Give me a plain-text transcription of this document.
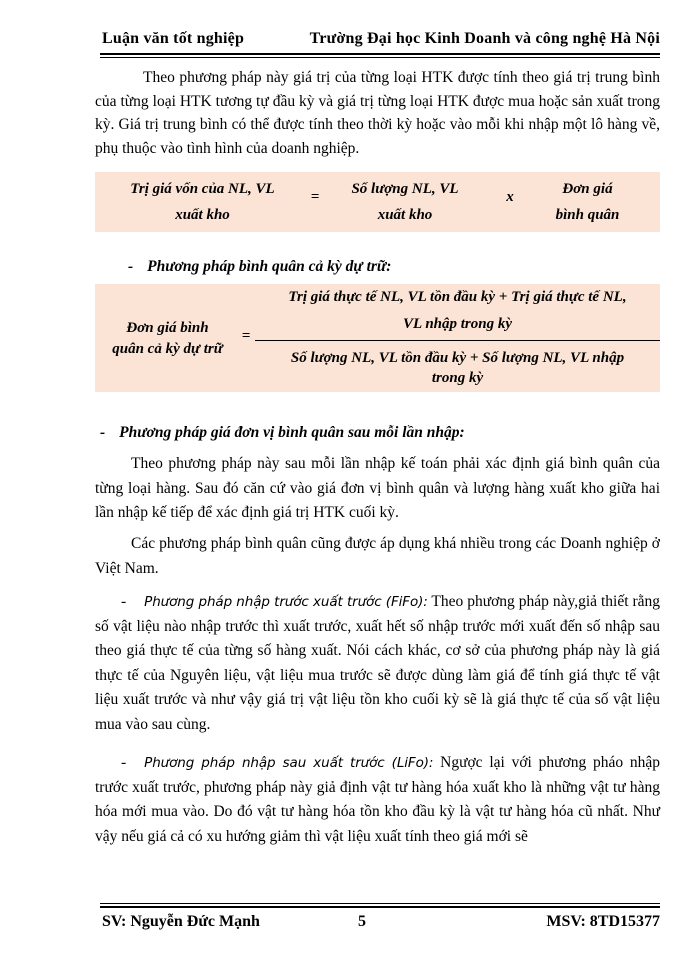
Luận văn tốt nghiệp	Trường Đại học Kinh Doanh và công nghệ Hà Nội
Theo phương pháp này giá trị của từng loại HTK được tính theo giá trị trung bình của từng loại HTK tương tự đầu kỳ và giá trị từng loại HTK được mua hoặc sản xuất trong kỳ. Giá trị trung bình có thể được tính theo thời kỳ hoặc vào mỗi khi nhập một lô hàng về, phụ thuộc vào tình hình của doanh nghiệp.
Trị giá vốn của NL, VL
xuất kho
=	Số lượng NL, VL
xuất kho
x	Đơn giá
bình quân
- Phương pháp bình quân cả kỳ dự trữ:
Đơn giá bình
quân cả kỳ dự trữ
=
Trị giá thực tế NL, VL tồn đầu kỳ + Trị giá thực tế NL,
VL nhập trong kỳ
Số lượng NL, VL tồn đầu kỳ + Số lượng NL, VL nhập
trong kỳ
- Phương pháp giá đơn vị bình quân sau mỗi lần nhập:
Theo phương pháp này sau mỗi lần nhập kế toán phải xác định giá bình quân của từng loại hàng. Sau đó căn cứ vào giá đơn vị bình quân và lượng hàng xuất kho giữa hai lần nhập kế tiếp để xác định giá trị HTK cuối kỳ.
Các phương pháp bình quân cũng được áp dụng khá nhiều trong các Doanh nghiệp ở Việt Nam.
- Phương pháp nhập trước xuất trước (FiFo): Theo phương pháp này,giả thiết rằng số vật liệu nào nhập trước thì xuất trước, xuất hết số nhập trước mới xuất đến số nhập sau theo giá thực tế của từng số hàng xuất. Nói cách khác, cơ sở của phương pháp này là giá thực tế của Nguyên liệu, vật liệu mua trước sẽ được dùng làm giá để tính giá thực tế vật liệu xuất trước và như vậy giá trị vật liệu tồn kho cuối kỳ sẽ là giá thực tế của số vật liệu mua vào sau cùng.
- Phương pháp nhập sau xuất trước (LiFo): Ngược lại với phương pháo nhập trước xuất trước, phương pháp này giả định vật tư hàng hóa xuất kho là những vật tư hàng hóa mới mua vào. Do đó vật tư hàng hóa tồn kho đầu kỳ là vật tư hàng hóa cũ nhất. Như vậy nếu giá cả có xu hướng giảm thì vật liệu xuất tính theo giá mới sẽ
SV: Nguyễn Đức Mạnh	5	MSV: 8TD15377
